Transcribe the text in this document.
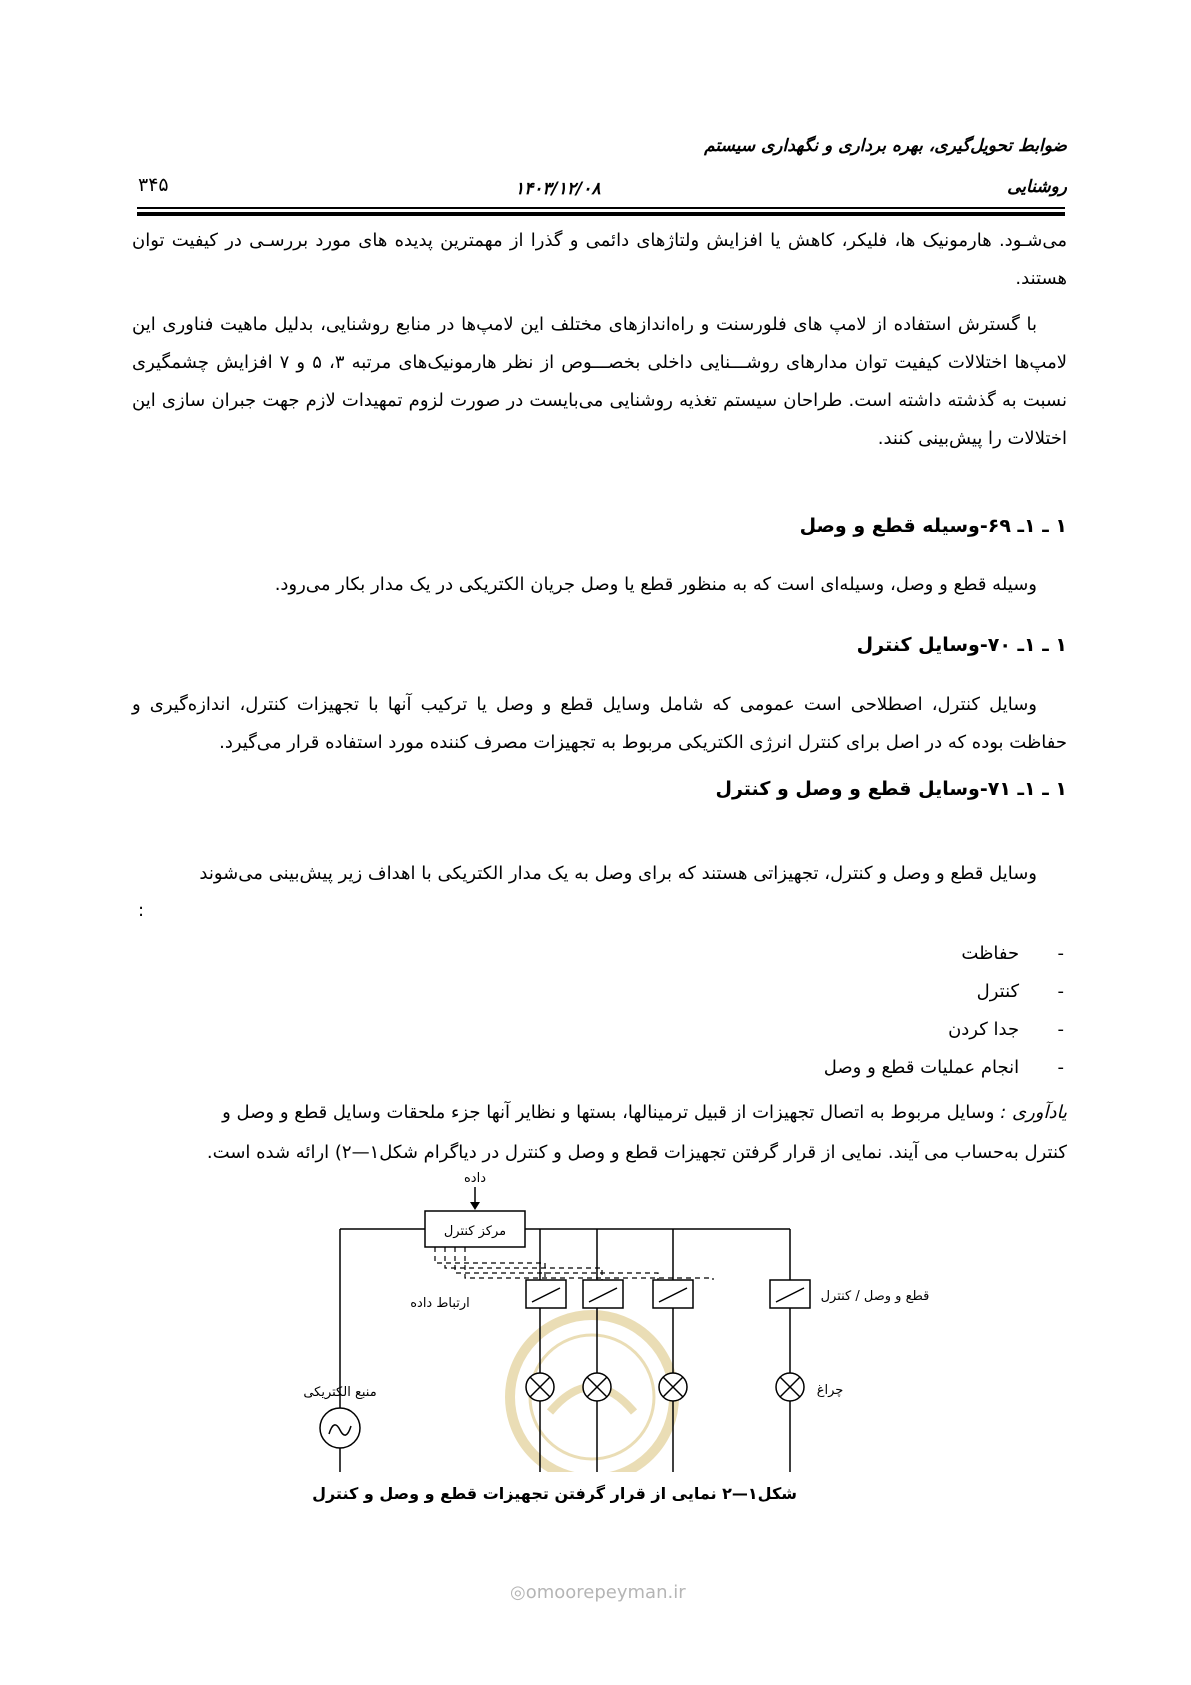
ضوابط تحویل‌گیری، بهره برداری و نگهداری سیستم
روشنایی
۱۴۰۳/۱۲/۰۸
۳۴۵
می‌شـود. هارمونیک ها، فلیکر، کاهش یا افزایش ولتاژهای دائمی و گذرا از مهمترین پدیده های مورد بررسـی در کیفیت توان هستند.
با گسترش استفاده از لامپ های فلورسنت و راه‌اندازهای مختلف این لامپ‌ها در منابع روشنایی، بدلیل ماهیت فناوری این لامپ‌ها اختلالات کیفیت توان مدارهای روشـــنایی داخلی بخصـــوص از نظر هارمونیک‌های مرتبه ۳، ۵ و ۷ افزایش چشمگیری نسبت به گذشته داشته است. طراحان سیستم تغذیه روشنایی می‌بایست در صورت لزوم تمهیدات لازم جهت جبران سازی این اختلالات را پیش‌بینی کنند.
۱ ـ ۱ـ ۶۹-وسیله قطع و وصل
وسیله قطع و وصل، وسیله‌ای است که به منظور قطع یا وصل جریان الکتریکی در یک مدار بکار می‌رود.
۱ ـ ۱ـ ۷۰-وسایل کنترل
وسایل کنترل، اصطلاحی است عمومی که شامل وسایل قطع و وصل یا ترکیب آنها با تجهیزات کنترل، اندازه‌گیری و حفاظت بوده که در اصل برای کنترل انرژی الکتریکی مربوط به تجهیزات مصرف کننده مورد استفاده قرار می‌گیرد.
۱ ـ ۱ـ ۷۱-وسایل قطع و وصل و کنترل
وسایل قطع و وصل و کنترل، تجهیزاتی هستند که برای وصل به یک مدار الکتریکی با اهداف زیر پیش‌بینی می‌شوند
:
-    حفاظت
-    کنترل
-    جدا کردن
-    انجام عملیات قطع و وصل
یادآوری : وسایل مربوط به اتصال تجهیزات از قبیل ترمینالها، بستها و نظایر آنها جزء ملحقات وسایل قطع و وصل و
کنترل به‌حساب می آیند. نمایی از قرار گرفتن تجهیزات قطع و وصل و کنترل در دیاگرام شکل۱—۲) ارائه شده است.
داده
مرکز کنترل
منبع الکتریکی
ارتباط داده	قطع و وصل / کنترل
چراغ
شکل۱—۲ نمایی از قرار گرفتن تجهیزات قطع و وصل و کنترل
◎omoorepeyman.ir
